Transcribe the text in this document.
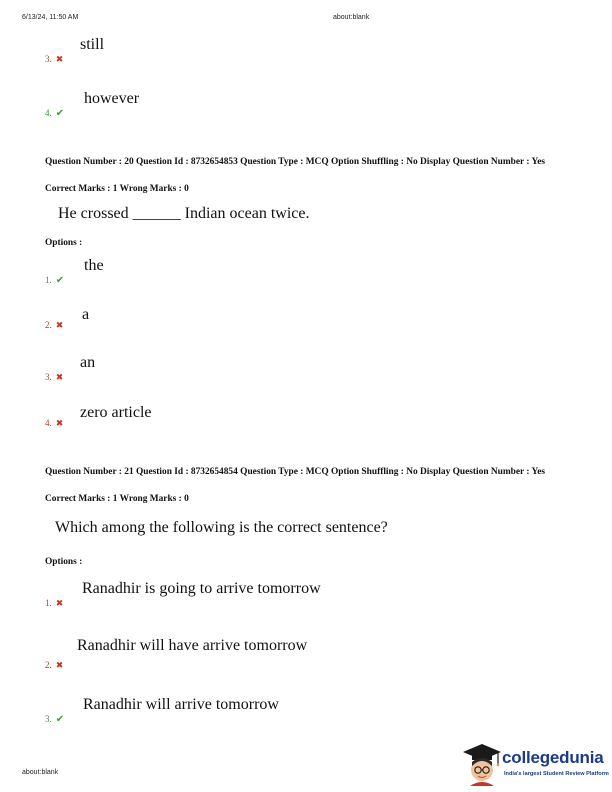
6/13/24, 11:50 AM	about:blank
still
3. ✖
however
4. ✔
Question Number : 20 Question Id : 8732654853 Question Type : MCQ Option Shuffling : No Display Question Number : Yes
Correct Marks : 1 Wrong Marks : 0
He crossed ______ Indian ocean twice.
Options :
the
1. ✔
a
2. ✖
an
3. ✖
zero article
4. ✖
Question Number : 21 Question Id : 8732654854 Question Type : MCQ Option Shuffling : No Display Question Number : Yes
Correct Marks : 1 Wrong Marks : 0
Which among the following is the correct sentence?
Options :
Ranadhir is going to arrive tomorrow
1. ✖
Ranadhir will have arrive tomorrow
2. ✖
Ranadhir will arrive tomorrow
3. ✔
about:blank
collegedunia
India's largest Student Review Platform
